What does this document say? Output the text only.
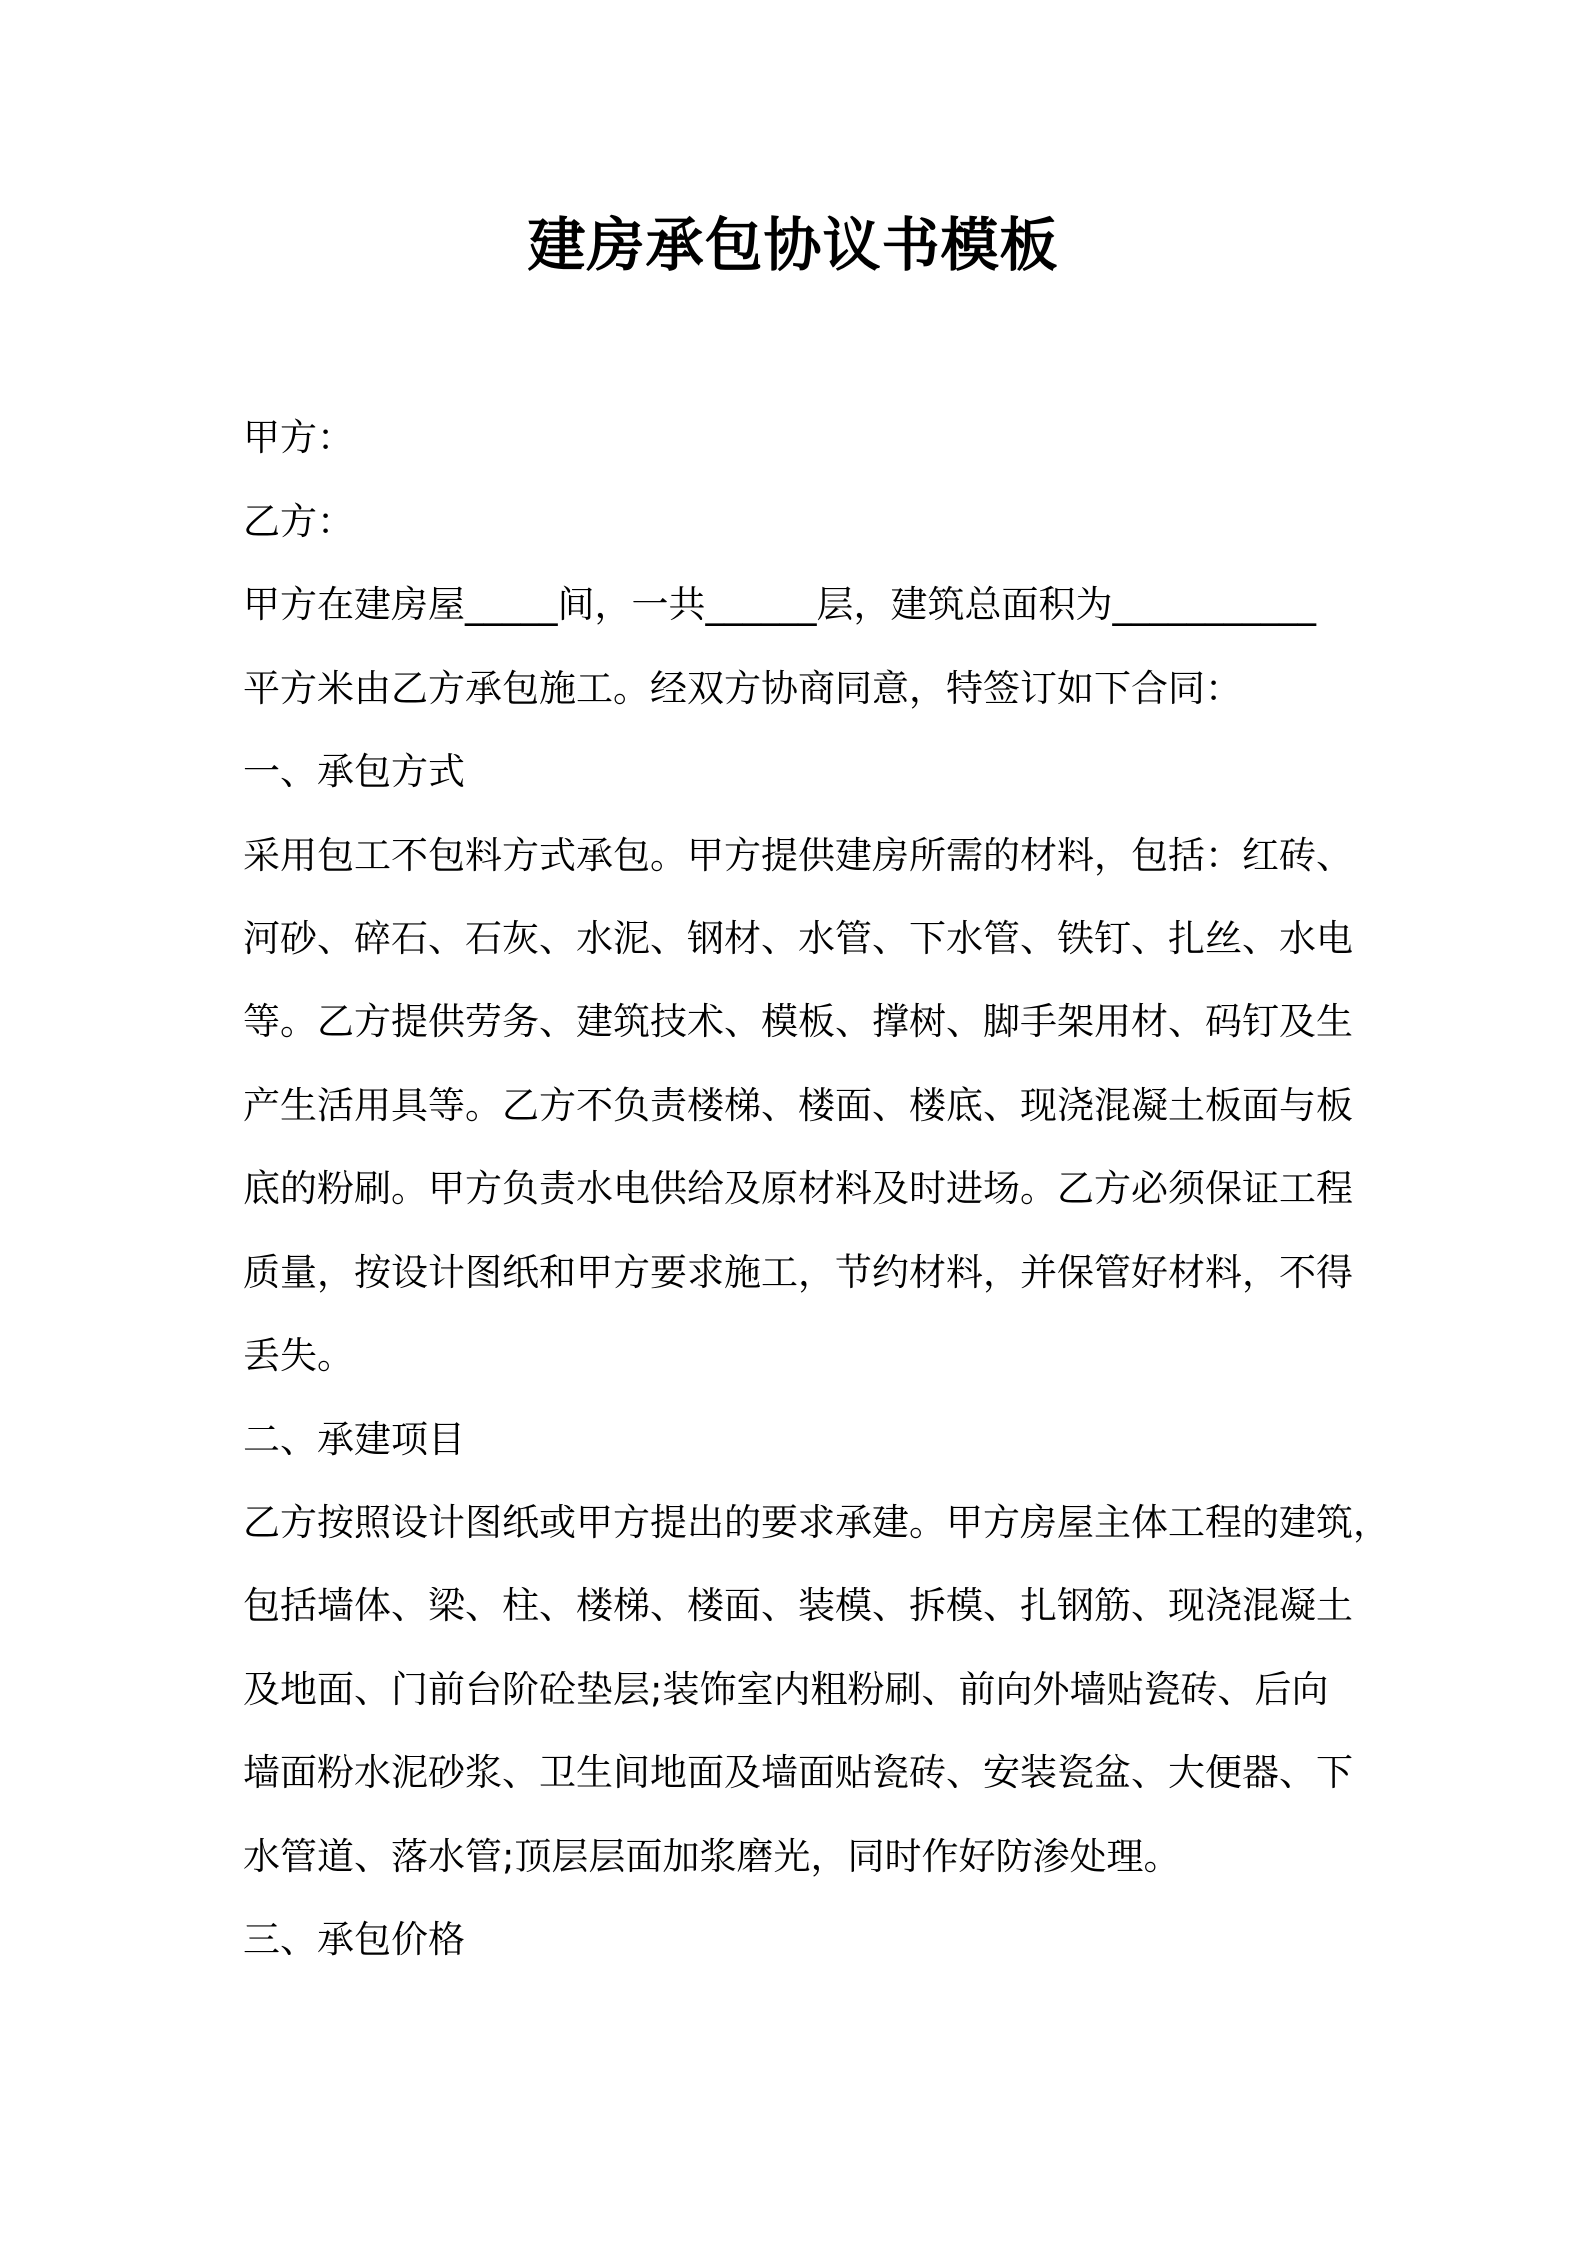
建房承包协议书模板
甲方：
乙方：
甲方在建房屋_____间，一共______层，建筑总面积为___________
平方米由乙方承包施工。经双方协商同意，特签订如下合同：
一、承包方式
采用包工不包料方式承包。甲方提供建房所需的材料，包括：红砖、
河砂、碎石、石灰、水泥、钢材、水管、下水管、铁钉、扎丝、水电
等。乙方提供劳务、建筑技术、模板、撑树、脚手架用材、码钉及生
产生活用具等。乙方不负责楼梯、楼面、楼底、现浇混凝土板面与板
底的粉刷。甲方负责水电供给及原材料及时进场。乙方必须保证工程
质量，按设计图纸和甲方要求施工，节约材料，并保管好材料，不得
丢失。
二、承建项目
乙方按照设计图纸或甲方提出的要求承建。甲方房屋主体工程的建筑，
包括墙体、梁、柱、楼梯、楼面、装模、拆模、扎钢筋、现浇混凝土
及地面、门前台阶砼垫层;装饰室内粗粉刷、前向外墙贴瓷砖、后向
墙面粉水泥砂浆、卫生间地面及墙面贴瓷砖、安装瓷盆、大便器、下
水管道、落水管;顶层层面加浆磨光，同时作好防渗处理。
三、承包价格
